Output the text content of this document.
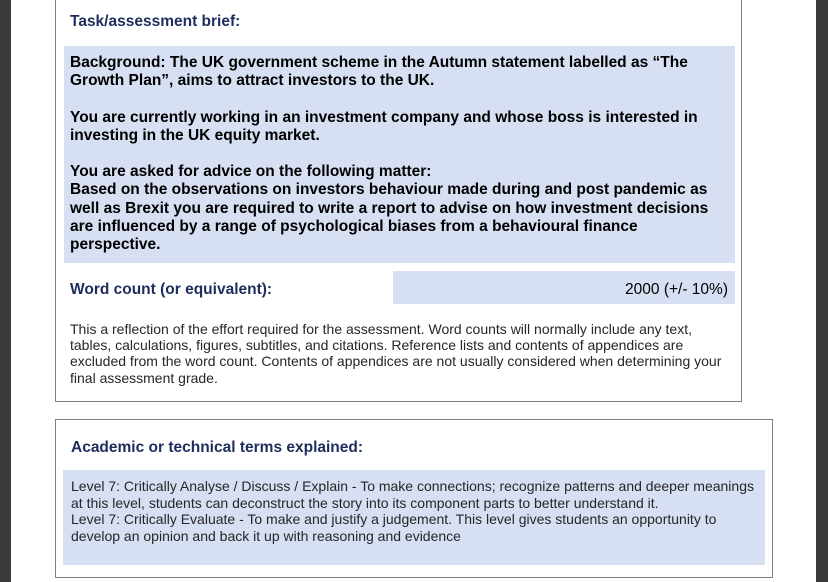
Task/assessment brief:

Background: The UK government scheme in the Autumn statement labelled as “The Growth Plan”, aims to attract investors to the UK.

You are currently working in an investment company and whose boss is interested in investing in the UK equity market.

You are asked for advice on the following matter:

Based on the observations on investors behaviour made during and post pandemic as well as Brexit you are required to write a report to advise on how investment decisions are influenced by a range of psychological biases from a behavioural finance perspective.

Word count (or equivalent):	2000 (+/- 10%)
This a reflection of the effort required for the assessment. Word counts will normally include any text, tables, calculations, figures, subtitles, and citations. Reference lists and contents of appendices are excluded from the word count. Contents of appendices are not usually considered when determining your final assessment grade.
Academic or technical terms explained:

Level 7: Critically Analyse / Discuss / Explain - To make connections; recognize patterns and deeper meanings at this level, students can deconstruct the story into its component parts to better understand it.

Level 7: Critically Evaluate - To make and justify a judgement. This level gives students an opportunity to develop an opinion and back it up with reasoning and evidence
